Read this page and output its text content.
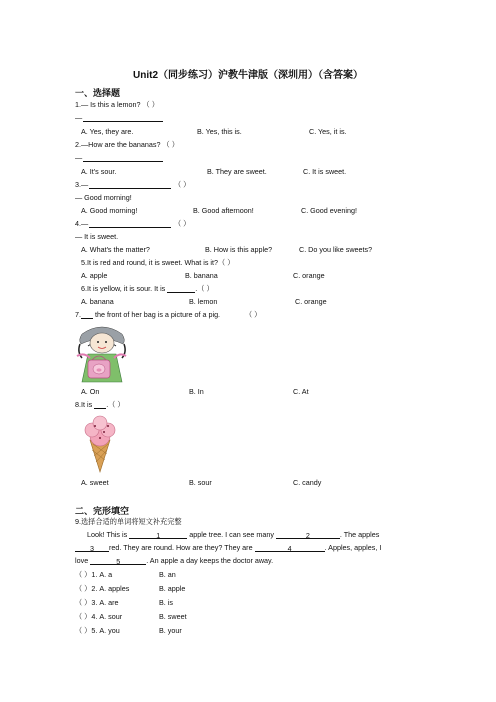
Unit2（同步练习）沪教牛津版（深圳用）（含答案）
一、选择题
1.— Is this a lemon? （ ）
—
A. Yes, they are.	B. Yes, this is.	C. Yes, it is.
2.—How are the bananas? （ ）
—
A. It's sour.	B. They are sweet.	C. It is sweet.
3.—	（ ）
— Good morning!
A. Good morning!	B. Good afternoon!	C. Good evening!
4.—	（ ）
— It is sweet.
A. What's the matter?	B. How is this apple?	C. Do you like sweets?
5.It is red and round, it is sweet. What is it?（ ）
A. apple	B. banana	C. orange
6.It is yellow, it is sour. It is	.（ ）
A. banana	B. lemon	C. orange
7. the front of her bag is a picture of a pig.	（ ）
A. On	B. In	C. At
8.It is .（ ）
A. sweet	B. sour	C. candy
二、完形填空
9.选择合适的单词将短文补充完整
Look! This is	1	apple tree. I can see many	2	. The apples
3 red. They are round. How are they? They are	4	. Apples, apples, I
love	5	. An apple a day keeps the doctor away.
（ ）1. A. a	B. an
（ ）2. A. apples	B. apple
（ ）3. A. are	B. is
（ ）4. A. sour	B. sweet
（ ）5. A. you	B. your
